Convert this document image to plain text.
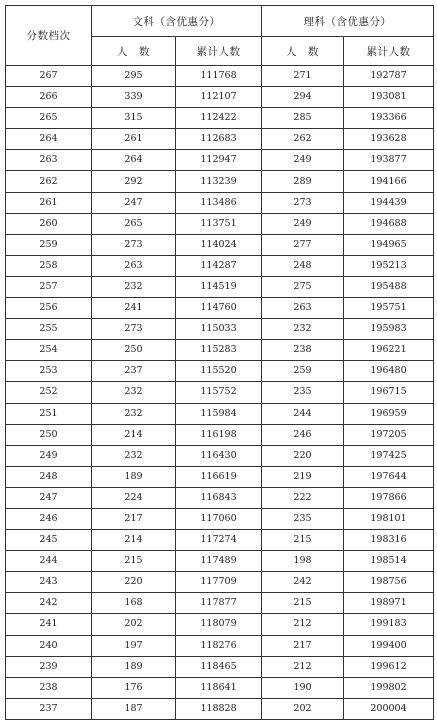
分数档次	文科（含优惠分）		理科（含优惠分）	
	人　数	累计人数	人　数	累计人数
267	295	111768	271	192787
266	339	112107	294	193081
265	315	112422	285	193366
264	261	112683	262	193628
263	264	112947	249	193877
262	292	113239	289	194166
261	247	113486	273	194439
260	265	113751	249	194688
259	273	114024	277	194965
258	263	114287	248	195213
257	232	114519	275	195488
256	241	114760	263	195751
255	273	115033	232	195983
254	250	115283	238	196221
253	237	115520	259	196480
252	232	115752	235	196715
251	232	115984	244	196959
250	214	116198	246	197205
249	232	116430	220	197425
248	189	116619	219	197644
247	224	116843	222	197866
246	217	117060	235	198101
245	214	117274	215	198316
244	215	117489	198	198514
243	220	117709	242	198756
242	168	117877	215	198971
241	202	118079	212	199183
240	197	118276	217	199400
239	189	118465	212	199612
238	176	118641	190	199802
237	187	118828	202	200004
